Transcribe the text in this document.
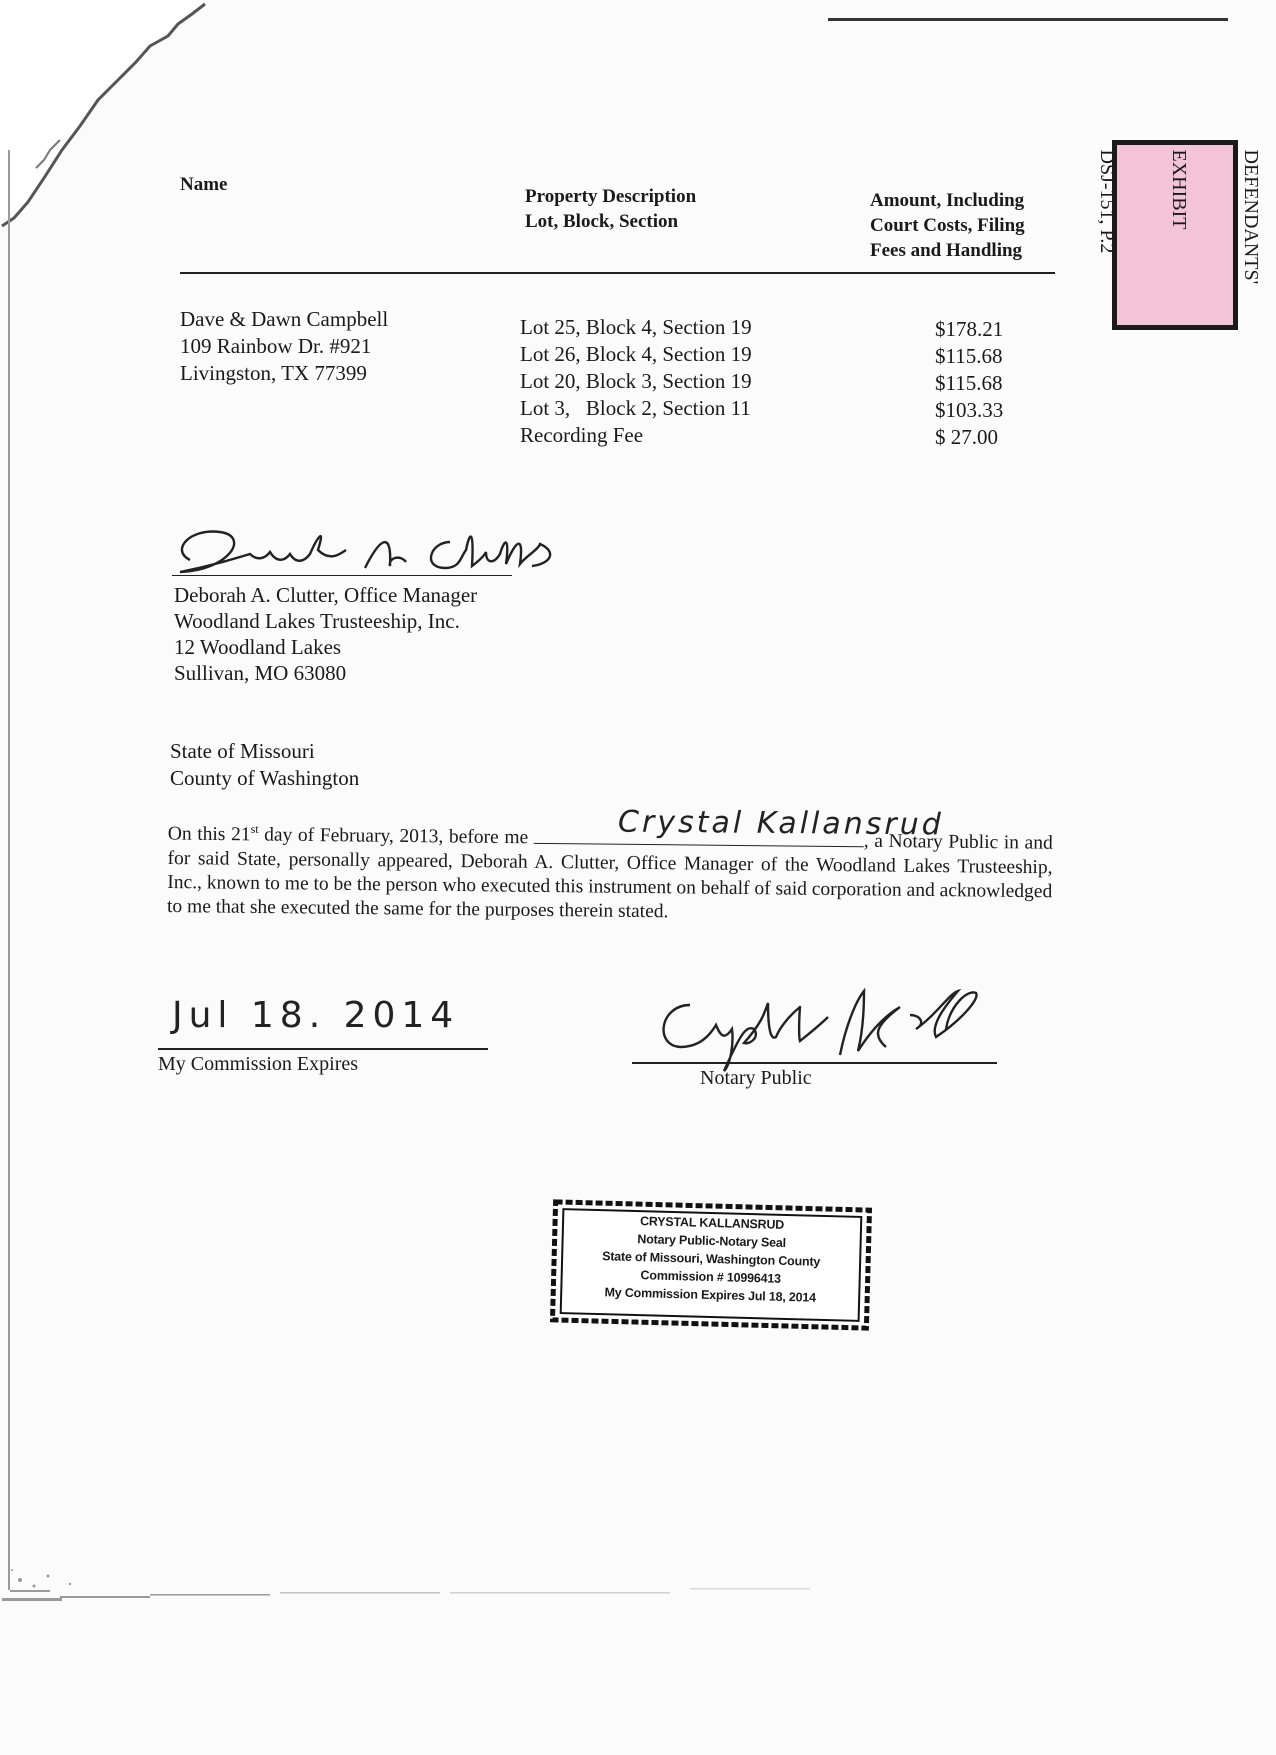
Name
Property Description
Lot, Block, Section
Amount, Including
Court Costs, Filing
Fees and Handling

	DEFENDANTS'

EXHIBIT

DSJ-151, P.2

Dave & Dawn Campbell
109 Rainbow Dr. #921
Livingston, TX 77399
Lot 25, Block 4, Section 19
Lot 26, Block 4, Section 19
Lot 20, Block 3, Section 19
Lot 3,   Block 2, Section 11
Recording Fee
$178.21
$115.68
$115.68
$103.33
$ 27.00
Deborah A. Clutter, Office Manager
Woodland Lakes Trusteeship, Inc.
12 Woodland Lakes
Sullivan, MO 63080
State of Missouri
County of Washington
On this 21st day of February, 2013, before me	, a Notary Public in and for said State, personally appeared, Deborah A. Clutter, Office Manager of the Woodland Lakes Trusteeship, Inc., known to me to be the person who executed this instrument on behalf of said corporation and acknowledged to me that she executed the same for the purposes therein stated.
Crystal Kallansrud
Jul 18. 2014
My Commission Expires
Notary Public
CRYSTAL KALLANSRUD
Notary Public-Notary Seal
State of Missouri, Washington County
Commission # 10996413
My Commission Expires Jul 18, 2014
